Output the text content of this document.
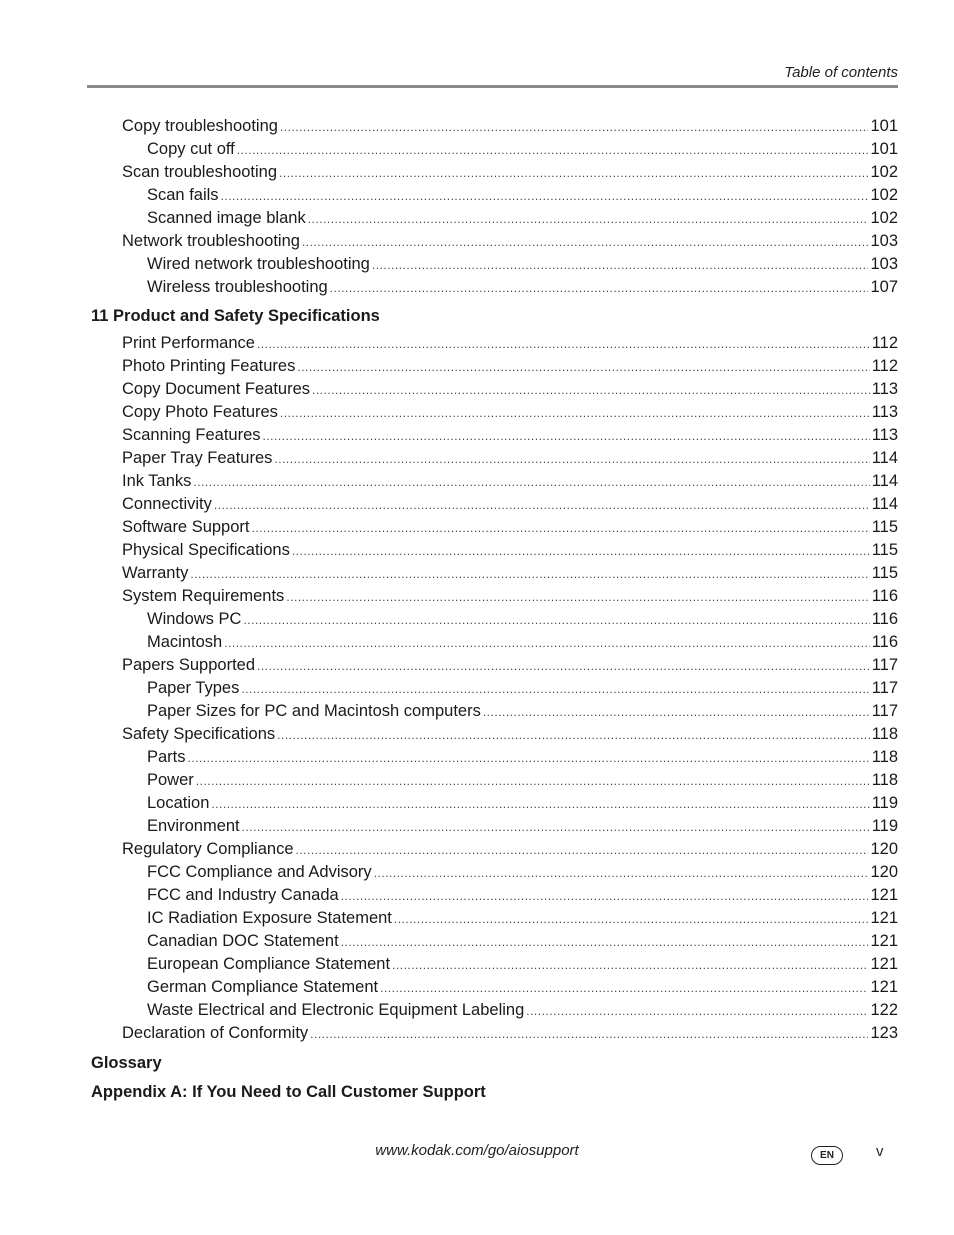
Table of contents
Copy troubleshooting .....	101
Copy cut off .....	101
Scan troubleshooting .....	102
Scan fails .....	102
Scanned image blank .....	102
Network troubleshooting .....	103
Wired network troubleshooting .....	103
Wireless troubleshooting .....	107
11 Product and Safety Specifications
Print Performance .....	112
Photo Printing Features .....	112
Copy Document Features .....	113
Copy Photo Features .....	113
Scanning Features .....	113
Paper Tray Features .....	114
Ink Tanks .....	114
Connectivity .....	114
Software Support .....	115
Physical Specifications .....	115
Warranty .....	115
System Requirements .....	116
Windows PC .....	116
Macintosh .....	116
Papers Supported .....	117
Paper Types .....	117
Paper Sizes for PC and Macintosh computers .....	117
Safety Specifications .....	118
Parts .....	118
Power .....	118
Location .....	119
Environment .....	119
Regulatory Compliance .....	120
FCC Compliance and Advisory .....	120
FCC and Industry Canada .....	121
IC Radiation Exposure Statement .....	121
Canadian DOC Statement .....	121
European Compliance Statement .....	121
German Compliance Statement .....	121
Waste Electrical and Electronic Equipment Labeling .....	122
Declaration of Conformity .....	123
Glossary
Appendix A: If You Need to Call Customer Support
www.kodak.com/go/aiosupport	EN	v
